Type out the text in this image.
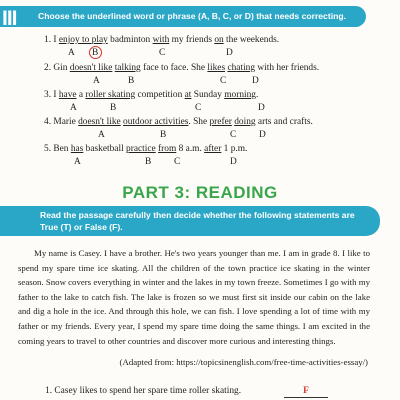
III Choose the underlined word or phrase (A, B, C, or D) that needs correcting.
1. I enjoy to play badminton with my friends on the weekends.
A B	C	D
2. Gin doesn't like talking face to face. She likes chating with her friends.
A	B	C	D
3. I have a roller skating competition at Sunday morning.
A	B	C	D
4. Marie doesn't like outdoor activities. She prefer doing arts and crafts.
A	B	C D
5. Ben has basketball practice from 8 a.m. after 1 p.m.
A	B C	D
PART 3: READING
Read the passage carefully then decide whether the following statements are True (T) or False (F).
My name is Casey. I have a brother. He's two years younger than me. I am in grade 8. I like to spend my spare time ice skating. All the children of the town practice ice skating in the winter season. Snow covers everything in winter and the lakes in my town freeze. Sometimes I go with my father to the lake to catch fish. The lake is frozen so we must first sit inside our cabin on the lake and dig a hole in the ice. And through this hole, we can fish. I love spending a lot of time with my father or my friends. Every year, I spend my spare time doing the same things. I am excited in the coming years to travel to other countries and discover more curious and interesting things.
(Adapted from: https://topicsinenglish.com/free-time-activities-essay/)
1. Casey likes to spend her spare time roller skating.	F
